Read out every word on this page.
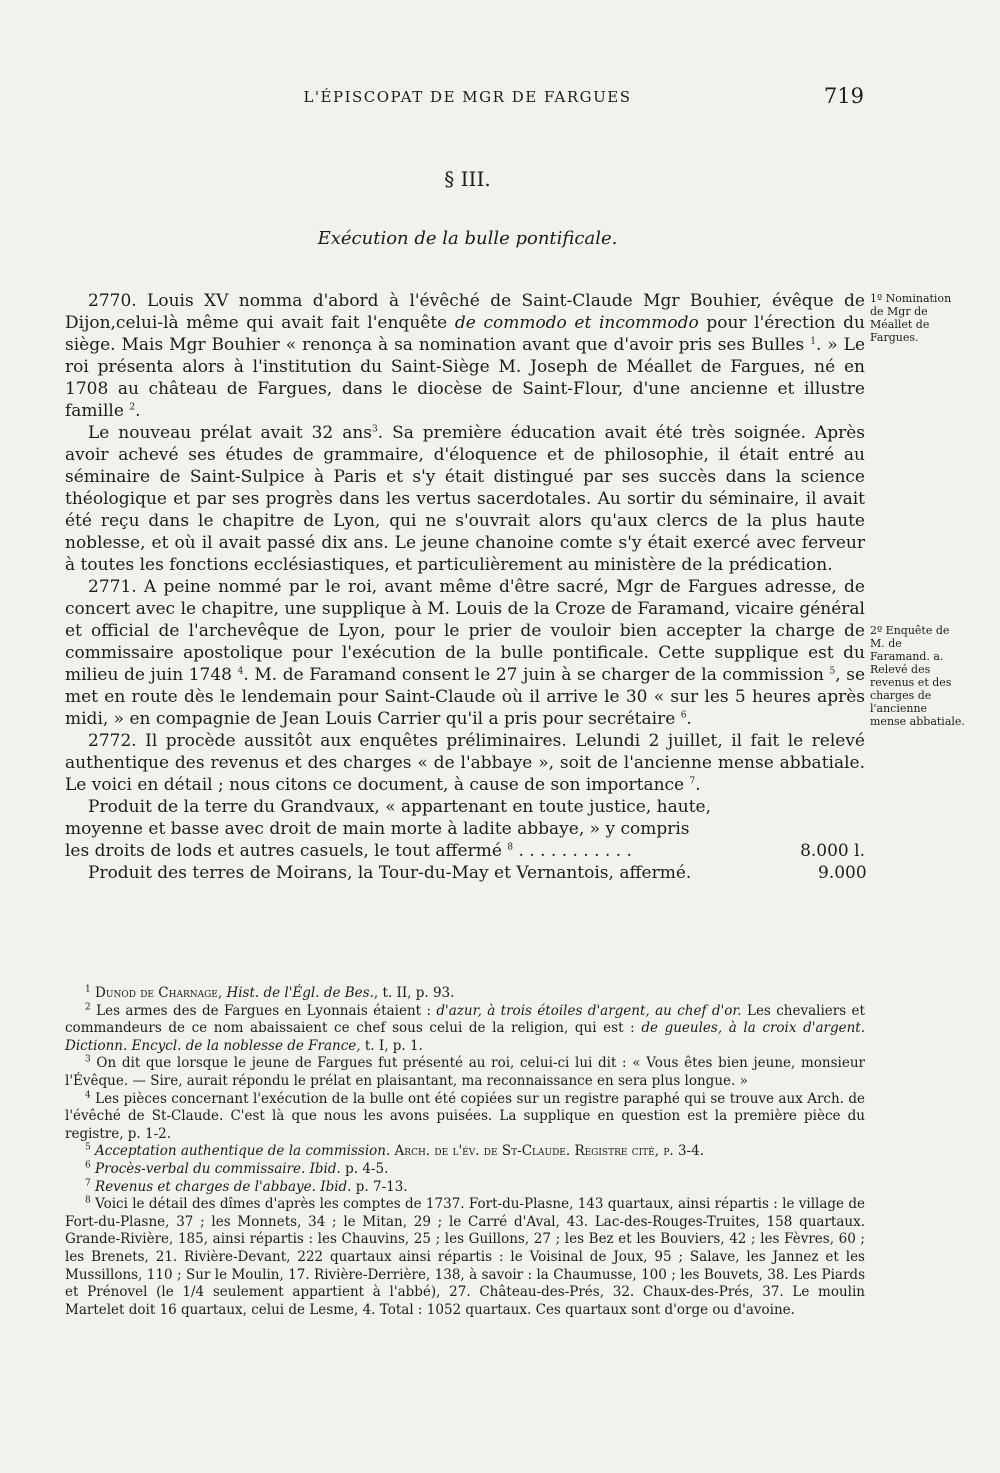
L'ÉPISCOPAT DE MGR DE FARGUES	719
§ III.
Exécution de la bulle pontificale.

2770. Louis XV nomma d'abord à l'évêché de Saint-Claude Mgr Bouhier, évêque de Dijon,celui-là même qui avait fait l'enquête de commodo et incommodo pour l'érection du siège. Mais Mgr Bouhier « renonça à sa nomination avant que d'avoir pris ses Bulles $^1$. » Le roi présenta alors à l'institution du Saint-Siège M. Joseph de Méallet de Fargues, né en 1708 au château de Fargues, dans le diocèse de Saint-Flour, d'une ancienne et illustre famille $^2$.

Le nouveau prélat avait 32 ans$^3$. Sa première éducation avait été très soignée. Après avoir achevé ses études de grammaire, d'éloquence et de philosophie, il était entré au séminaire de Saint-Sulpice à Paris et s'y était distingué par ses succès dans la science théologique et par ses progrès dans les vertus sacerdotales. Au sortir du séminaire, il avait été reçu dans le chapitre de Lyon, qui ne s'ouvrait alors qu'aux clercs de la plus haute noblesse, et où il avait passé dix ans. Le jeune chanoine comte s'y était exercé avec ferveur à toutes les fonctions ecclésiastiques, et particulièrement au ministère de la prédication.

2771. A peine nommé par le roi, avant même d'être sacré, Mgr de Fargues adresse, de concert avec le chapitre, une supplique à M. Louis de la Croze de Faramand, vicaire général et official de l'archevêque de Lyon, pour le prier de vouloir bien accepter la charge de commissaire apostolique pour l'exécution de la bulle pontificale. Cette supplique est du milieu de juin 1748 $^4$. M. de Faramand consent le 27 juin à se charger de la commission $^5$, se met en route dès le lendemain pour Saint-Claude où il arrive le 30 « sur les 5 heures après midi, » en compagnie de Jean Louis Carrier qu'il a pris pour secrétaire $^6$.

2772. Il procède aussitôt aux enquêtes préliminaires. Lelundi 2 juillet, il fait le relevé authentique des revenus et des charges « de l'abbaye », soit de l'ancienne mense abbatiale. Le voici en détail ; nous citons ce document, à cause de son importance $^7$.

Produit de la terre du Grandvaux, « appartenant en toute justice, haute,
moyenne et basse avec droit de main morte à ladite abbaye, » y compris
les droits de lods et autres casuels, le tout affermé $^8$ . . . . . . . . . . .	8.000 l.
Produit des terres de Moirans, la Tour-du-May et Vernantois, affermé.	9.000
1º Nomination de Mgr de Méallet de Fargues.
2º Enquête de M. de Faramand. a. Relevé des revenus et des charges de l'ancienne mense abbatiale.

$^1$ Dunod de Charnage, Hist. de l'Égl. de Bes., t. II, p. 93.

$^2$ Les armes des de Fargues en Lyonnais étaient : d'azur, à trois étoiles d'argent, au chef d'or. Les chevaliers et commandeurs de ce nom abaissaient ce chef sous celui de la religion, qui est : de gueules, à la croix d'argent. Dictionn. Encycl. de la noblesse de France, t. I, p. 1.

$^3$ On dit que lorsque le jeune de Fargues fut présenté au roi, celui-ci lui dit : « Vous êtes bien jeune, monsieur l'Évêque. — Sire, aurait répondu le prélat en plaisantant, ma reconnaissance en sera plus longue. »

$^4$ Les pièces concernant l'exécution de la bulle ont été copiées sur un registre paraphé qui se trouve aux Arch. de l'évêché de St-Claude. C'est là que nous les avons puisées. La supplique en question est la première pièce du registre, p. 1-2.

$^5$ Acceptation authentique de la commission. Arch. de l'év. de St-Claude. Registre cité, p. 3-4.

$^6$ Procès-verbal du commissaire. Ibid. p. 4-5.

$^7$ Revenus et charges de l'abbaye. Ibid. p. 7-13.

$^8$ Voici le détail des dîmes d'après les comptes de 1737. Fort-du-Plasne, 143 quartaux, ainsi répartis : le village de Fort-du-Plasne, 37 ; les Monnets, 34 ; le Mitan, 29 ; le Carré d'Aval, 43. Lac-des-Rouges-Truites, 158 quartaux. Grande-Rivière, 185, ainsi répartis : les Chauvins, 25 ; les Guillons, 27 ; les Bez et les Bouviers, 42 ; les Fèvres, 60 ; les Brenets, 21. Rivière-Devant, 222 quartaux ainsi répartis : le Voisinal de Joux, 95 ; Salave, les Jannez et les Mussillons, 110 ; Sur le Moulin, 17. Rivière-Derrière, 138, à savoir : la Chaumusse, 100 ; les Bouvets, 38. Les Piards et Prénovel (le 1/4 seulement appartient à l'abbé), 27. Château-des-Prés, 32. Chaux-des-Prés, 37. Le moulin Martelet doit 16 quartaux, celui de Lesme, 4. Total : 1052 quartaux. Ces quartaux sont d'orge ou d'avoine.
